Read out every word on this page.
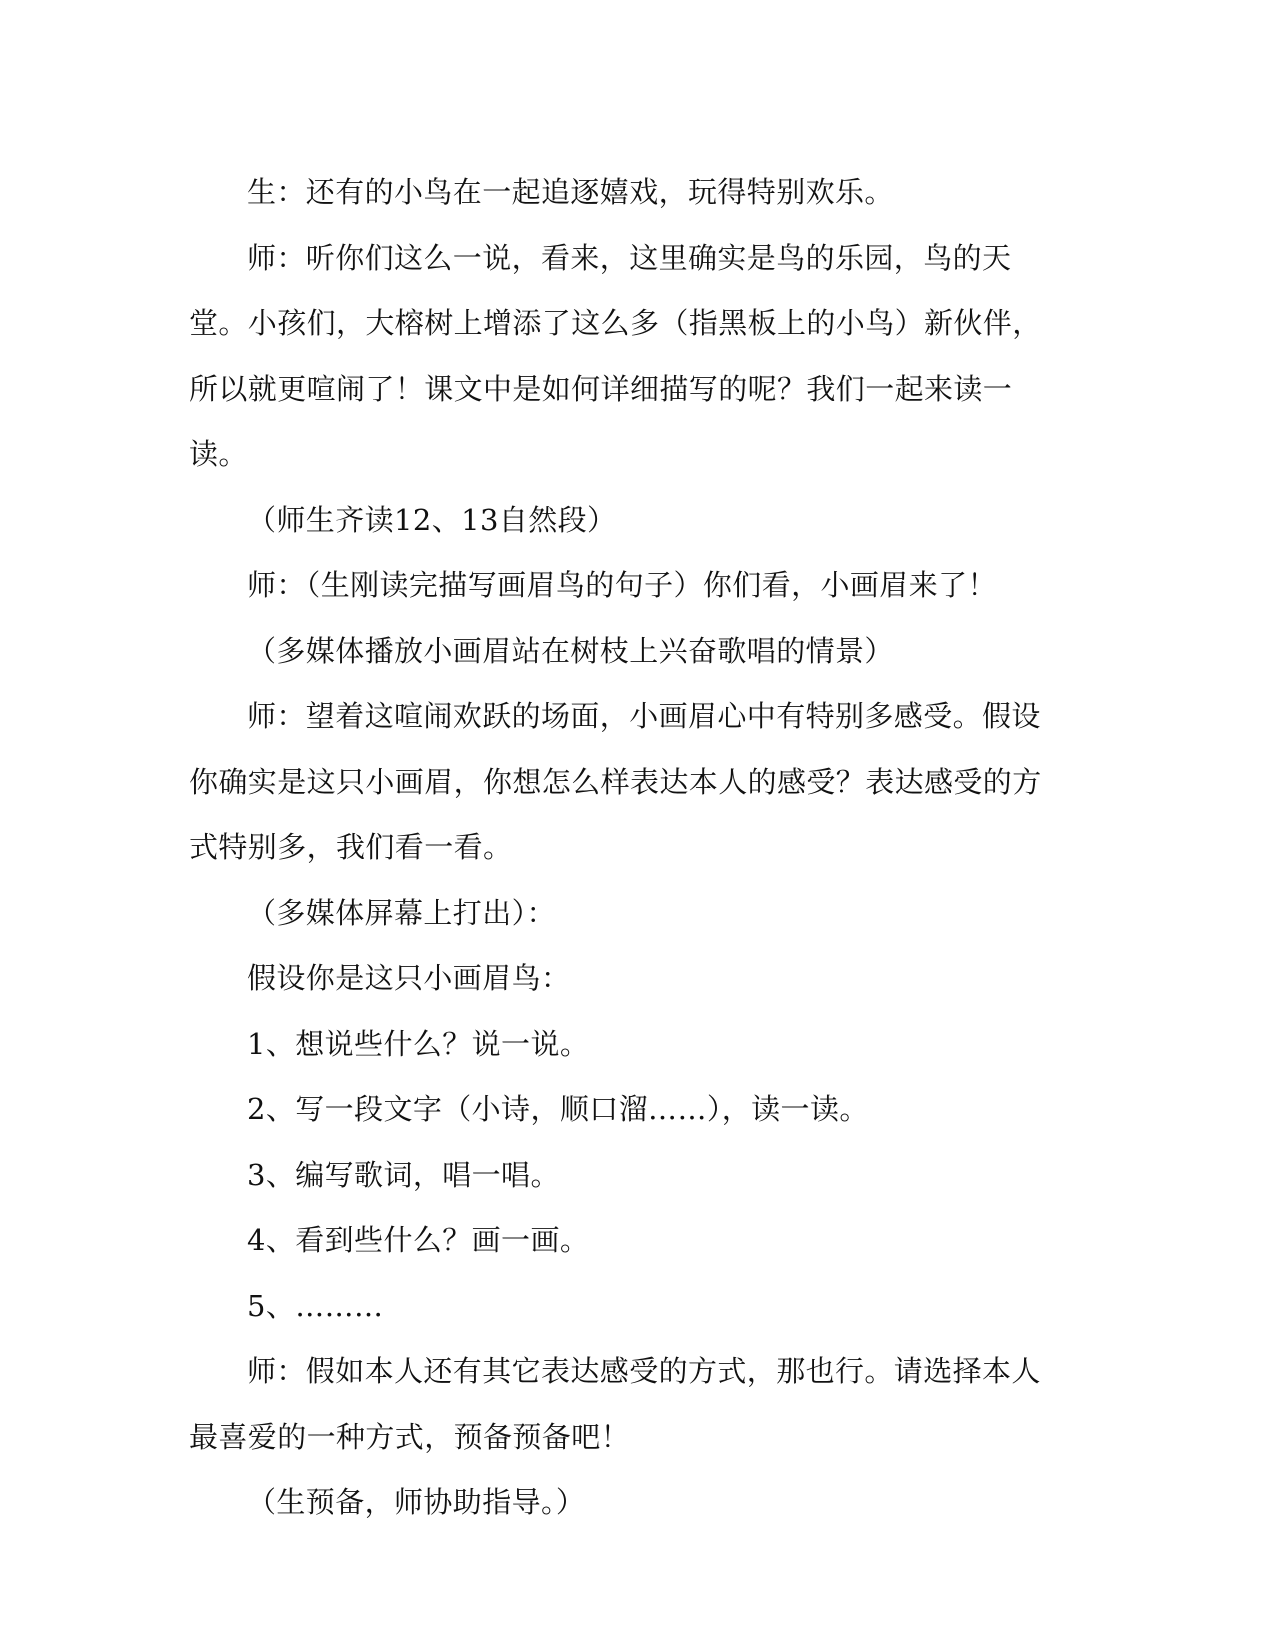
生：还有的小鸟在一起追逐嬉戏，玩得特别欢乐。

师：听你们这么一说，看来，这里确实是鸟的乐园，鸟的天堂。小孩们，大榕树上增添了这么多（指黑板上的小鸟）新伙伴，所以就更喧闹了！课文中是如何详细描写的呢？我们一起来读一读。

（师生齐读12、13自然段）

师：（生刚读完描写画眉鸟的句子）你们看，小画眉来了！

（多媒体播放小画眉站在树枝上兴奋歌唱的情景）

师：望着这喧闹欢跃的场面，小画眉心中有特别多感受。假设你确实是这只小画眉，你想怎么样表达本人的感受？表达感受的方式特别多，我们看一看。

（多媒体屏幕上打出）：

假设你是这只小画眉鸟：

1、想说些什么？说一说。

2、写一段文字（小诗，顺口溜……），读一读。

3、编写歌词，唱一唱。

4、看到些什么？画一画。

5、………

师：假如本人还有其它表达感受的方式，那也行。请选择本人最喜爱的一种方式，预备预备吧！

（生预备，师协助指导。）
